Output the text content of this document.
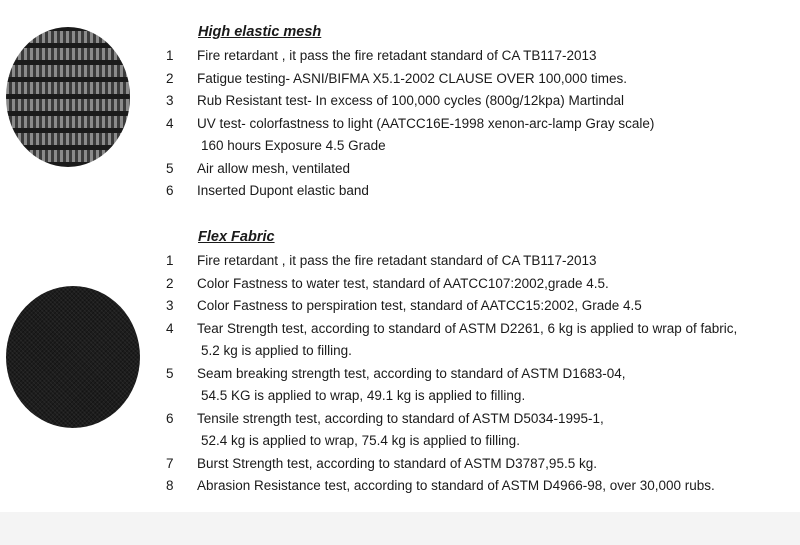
High elastic mesh
1	Fire retardant , it pass the fire retadant standard of CA TB117-2013
2	Fatigue testing- ASNI/BIFMA X5.1-2002 CLAUSE OVER 100,000 times.
3	Rub Resistant test- In excess of 100,000 cycles (800g/12kpa) Martindal
4	UV test- colorfastness to light (AATCC16E-1998 xenon-arc-lamp Gray scale)
160 hours Exposure 4.5 Grade
5	Air allow mesh, ventilated
6	Inserted Dupont elastic band
Flex Fabric
1	Fire retardant , it pass the fire retadant standard of CA TB117-2013
2	Color Fastness to water test, standard of AATCC107:2002,grade 4.5.
3	Color Fastness to perspiration test, standard of AATCC15:2002, Grade 4.5
4	Tear Strength test, according to standard of ASTM D2261, 6 kg is applied to wrap of fabric,
5.2 kg is applied to filling.
5	Seam breaking strength test, according to standard of ASTM D1683-04,
54.5 KG is applied to wrap, 49.1 kg is applied to filling.
6	Tensile strength test, according to standard of ASTM D5034-1995-1,
52.4 kg is applied to wrap, 75.4 kg is applied to filling.
7	Burst Strength test, according to standard of ASTM D3787,95.5 kg.
8	Abrasion Resistance test, according to standard of ASTM D4966-98, over 30,000 rubs.
